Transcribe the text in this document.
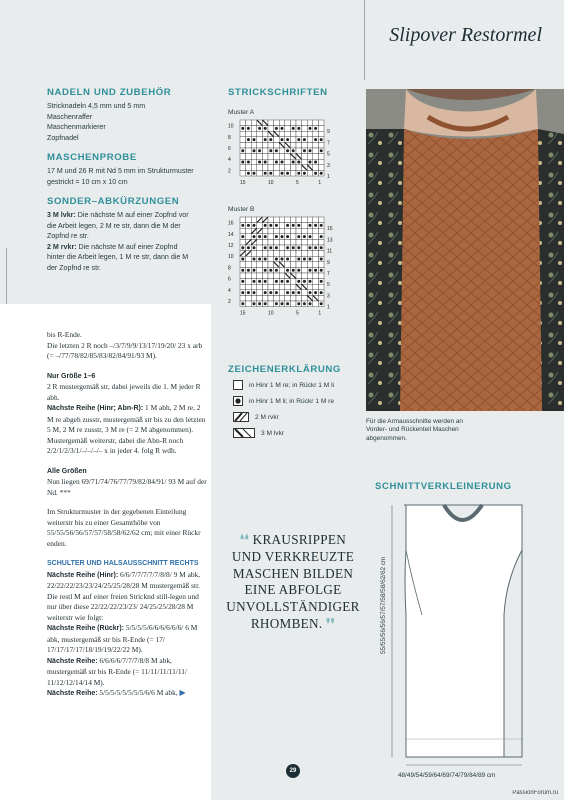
Slipover Restormel
NADELN UND ZUBEHÖR
Stricknadeln 4,5 mm und 5 mm
Maschenraffer
Maschenmarkierer
Zopfnadel
MASCHENPROBE
17 M und 26 R mit Nd 5 mm im Strukturmuster
gestrickt = 10 cm x 10 cm
SONDER–ABKÜRZUNGEN
3 M lvkr: Die nächste M auf einer Zopfnd vor
die Arbeit legen, 2 M re str, dann die M der
Zopfnd re str.
2 M rvkr: Die nächste M auf einer Zopfnd
hinter die Arbeit legen, 1 M re str, dann die M
der Zopfnd re str.
STRICKSCHRIFTEN
Muster A
10
8
6
4
2
9
7
5
3
1
15	10	5	1
Muster B
16
14
12
10
8
6
4
2
15
13
11
9
7
5
3
1
15	10	5	1
ZEICHENERKLÄRUNG
in Hinr 1 M re; in Rückr 1 M li
in Hinr 1 M li; in Rückr 1 M re
2 M rvkr
3 M lvkr
Für die Armausschnitte werden an Vorder- und Rückenteil Maschen abgenommen.
SCHNITTVERKLEINERUNG
55/55/56/56/57/57/58/58/62/62 cm
48/49/54/59/64/69/74/79/84/89 cm
❛❛ KRAUSRIPPEN UND VERKREUZTE MASCHEN BILDEN EINE ABFOLGE UNVOLLSTÄNDIGER RHOMBEN. ❜❜

bis R-Ende.
Die letzten 2 R noch –/3/7/9/9/13/17/19/20/ 23 x arb (= –/77/78/82/85/83/82/84/91/93 M).

Nur Größe 1–6
2 R mustergemäß str, dabei jeweils die 1. M jeder R abh.
Nächste Reihe (Hinr; Abn-R): 1 M abh, 2 M re, 2 M re abgeh zusstr, mustergemäß str bis zu den letzten 5 M, 2 M re zusstr, 3 M re (= 2 M abgenommen).
Mustergemäß weiterstr, dabei die Abn-R noch 2/2/1/2/3/1/–/–/–/– x in jeder 4. folg R wdh.

Alle Größen
Nun liegen 69/71/74/76/77/79/82/84/91/ 93 M auf der Nd. ***

Im Strukturmuster in der gegebenen Einteilung weiterstr bis zu einer Gesamthöhe von 55/55/56/56/57/57/58/58/62/62 cm; mit einer Rückr enden.

SCHULTER UND HALSAUSSCHNITT RECHTS
Nächste Reihe (Hinr): 6/6/7/7/7/7/7/8/8/ 9 M abk, 22/22/22/23/23/24/25/25/28/28 M mustergemäß str.
Die restl M auf einer freien Stricknd still-legen und nur über diese 22/22/22/23/23/ 24/25/25/28/28 M weiterstr wie folgt:
Nächste Reihe (Rückr): 5/5/5/5/6/6/6/6/6/6/ 6 M abk, mustergemäß str bis R-Ende (= 17/ 17/17/17/17/18/19/19/22/22 M).
Nächste Reihe: 6/6/6/6/7/7/7/8/8 M abk, mustergemäß str bis R-Ende (= 11/11/11/11/11/ 11/12/12/14/14 M).
Nächste Reihe: 5/5/5/5/5/5/5/5/6/6 M abk, ▶

29
PassionForum.ru
